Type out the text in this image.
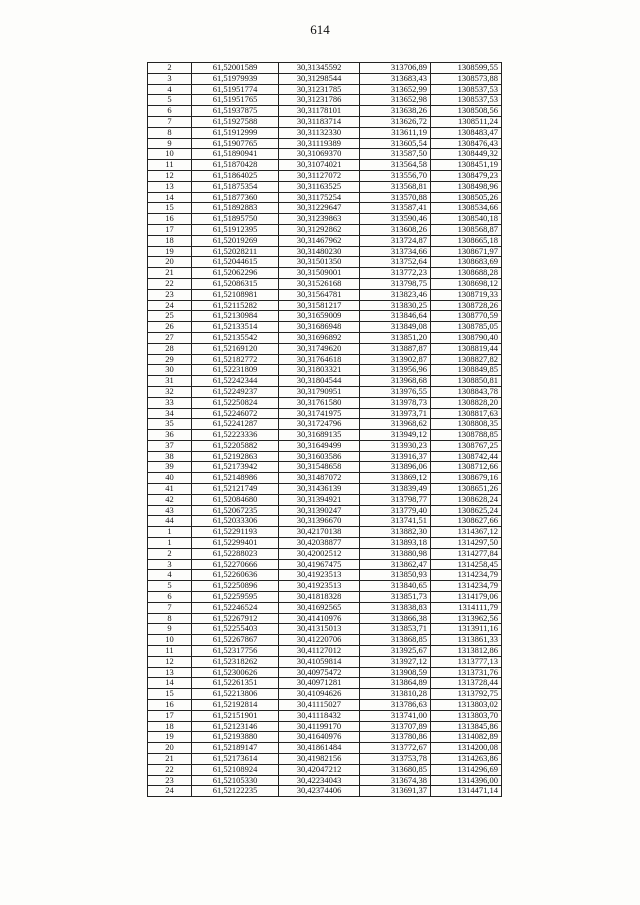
614
2	61,52001589	30,31345592	313706,89	1308599,55
3	61,51979939	30,31298544	313683,43	1308573,88
4	61,51951774	30,31231785	313652,99	1308537,53
5	61,51951765	30,31231786	313652,98	1308537,53
6	61,51937875	30,31178101	313638,26	1308508,56
7	61,51927588	30,31183714	313626,72	1308511,24
8	61,51912999	30,31132330	313611,19	1308483,47
9	61,51907765	30,31119389	313605,54	1308476,43
10	61,51890941	30,31069370	313587,50	1308449,32
11	61,51870428	30,31074021	313564,58	1308451,19
12	61,51864025	30,31127072	313556,70	1308479,23
13	61,51875354	30,31163525	313568,81	1308498,96
14	61,51877360	30,31175254	313570,88	1308505,26
15	61,51892883	30,31229647	313587,41	1308534,66
16	61,51895750	30,31239863	313590,46	1308540,18
17	61,51912395	30,31292862	313608,26	1308568,87
18	61,52019269	30,31467962	313724,87	1308665,18
19	61,52028211	30,31480230	313734,66	1308671,97
20	61,52044615	30,31501350	313752,64	1308683,69
21	61,52062296	30,31509001	313772,23	1308688,28
22	61,52086315	30,31526168	313798,75	1308698,12
23	61,52108981	30,31564781	313823,46	1308719,33
24	61,52115282	30,31581217	313830,25	1308728,26
25	61,52130984	30,31659009	313846,64	1308770,59
26	61,52133514	30,31686948	313849,08	1308785,05
27	61,52135542	30,31696892	313851,20	1308790,40
28	61,52169120	30,31749620	313887,87	1308819,44
29	61,52182772	30,31764618	313902,87	1308827,82
30	61,52231809	30,31803321	313956,96	1308849,85
31	61,52242344	30,31804544	313968,68	1308850,81
32	61,52249237	30,31790951	313976,55	1308843,78
33	61,52250824	30,31761580	313978,73	1308828,20
34	61,52246072	30,31741975	313973,71	1308817,63
35	61,52241287	30,31724796	313968,62	1308808,35
36	61,52223336	30,31689135	313949,12	1308788,85
37	61,52205882	30,31649499	313930,23	1308767,25
38	61,52192863	30,31603586	313916,37	1308742,44
39	61,52173942	30,31548658	313896,06	1308712,66
40	61,52148986	30,31487072	313869,12	1308679,16
41	61,52121749	30,31436139	313839,49	1308651,26
42	61,52084680	30,31394921	313798,77	1308628,24
43	61,52067235	30,31390247	313779,40	1308625,24
44	61,52033306	30,31396670	313741,51	1308627,66
1	61,52291193	30,42170138	313882,30	1314367,12
1	61,52299401	30,42038877	313893,18	1314297,50
2	61,52288023	30,42002512	313880,98	1314277,84
3	61,52270666	30,41967475	313862,47	1314258,45
4	61,52260636	30,41923513	313850,93	1314234,79
5	61,52250896	30,41923513	313840,65	1314234,79
6	61,52259595	30,41818328	313851,73	1314179,06
7	61,52246524	30,41692565	313838,83	1314111,79
8	61,52267912	30,41410976	313866,38	1313962,56
9	61,52255403	30,41315013	313853,71	1313911,16
10	61,52267867	30,41220706	313868,85	1313861,33
11	61,52317756	30,41127012	313925,67	1313812,86
12	61,52318262	30,41059814	313927,12	1313777,13
13	61,52300626	30,40975472	313908,59	1313731,76
14	61,52261351	30,40971281	313864,89	1313728,44
15	61,52213806	30,41094626	313810,28	1313792,75
16	61,52192814	30,41115027	313786,63	1313803,02
17	61,52151901	30,41118432	313741,00	1313803,70
18	61,52123146	30,41199170	313707,89	1313845,86
19	61,52193880	30,41640976	313780,86	1314082,89
20	61,52189147	30,41861484	313772,67	1314200,08
21	61,52173614	30,41982156	313753,78	1314263,86
22	61,52108924	30,42047212	313680,85	1314296,69
23	61,52105330	30,42234043	313674,38	1314396,00
24	61,52122235	30,42374406	313691,37	1314471,14
